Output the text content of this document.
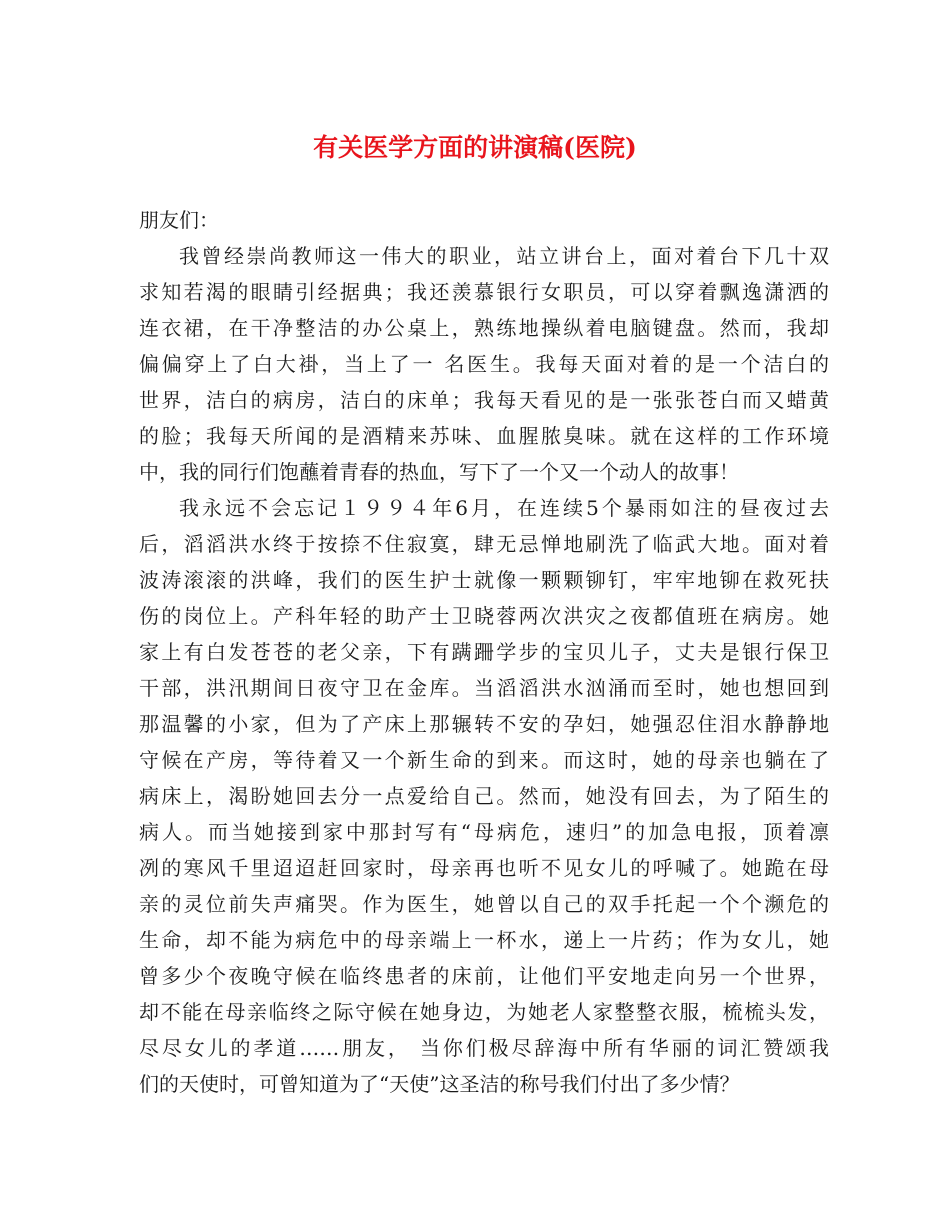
有关医学方面的讲演稿(医院)

朋友们：

我曾经崇尚教师这一伟大的职业，站立讲台上，面对着台下几十双

求知若渴的眼睛引经据典；我还羡慕银行女职员，可以穿着飘逸潇洒的

连衣裙，在干净整洁的办公桌上，熟练地操纵着电脑键盘。然而，我却

偏偏穿上了白大褂，当上了一 名医生。我每天面对着的是一个洁白的

世界，洁白的病房，洁白的床单；我每天看见的是一张张苍白而又蜡黄

的脸；我每天所闻的是酒精来苏味、血腥脓臭味。就在这样的工作环境

中，我的同行们饱蘸着青春的热血，写下了一个又一个动人的故事！

我永远不会忘记１９９４年6月，在连续5个暴雨如注的昼夜过去

后，滔滔洪水终于按捺不住寂寞，肆无忌惮地刷洗了临武大地。面对着

波涛滚滚的洪峰，我们的医生护士就像一颗颗铆钉，牢牢地铆在救死扶

伤的岗位上。产科年轻的助产士卫晓蓉两次洪灾之夜都值班在病房。她

家上有白发苍苍的老父亲，下有蹒跚学步的宝贝儿子，丈夫是银行保卫

干部，洪汛期间日夜守卫在金库。当滔滔洪水汹涌而至时，她也想回到

那温馨的小家，但为了产床上那辗转不安的孕妇，她强忍住泪水静静地

守候在产房，等待着又一个新生命的到来。而这时，她的母亲也躺在了

病床上，渴盼她回去分一点爱给自己。然而，她没有回去，为了陌生的

病人。而当她接到家中那封写有“母病危，速归”的加急电报，顶着凛

冽的寒风千里迢迢赶回家时，母亲再也听不见女儿的呼喊了。她跪在母

亲的灵位前失声痛哭。作为医生，她曾以自己的双手托起一个个濒危的

生命，却不能为病危中的母亲端上一杯水，递上一片药；作为女儿，她

曾多少个夜晚守候在临终患者的床前，让他们平安地走向另一个世界，

却不能在母亲临终之际守候在她身边，为她老人家整整衣服，梳梳头发，

尽尽女儿的孝道……朋友， 当你们极尽辞海中所有华丽的词汇赞颂我

们的天使时，可曾知道为了“天使”这圣洁的称号我们付出了多少情？
